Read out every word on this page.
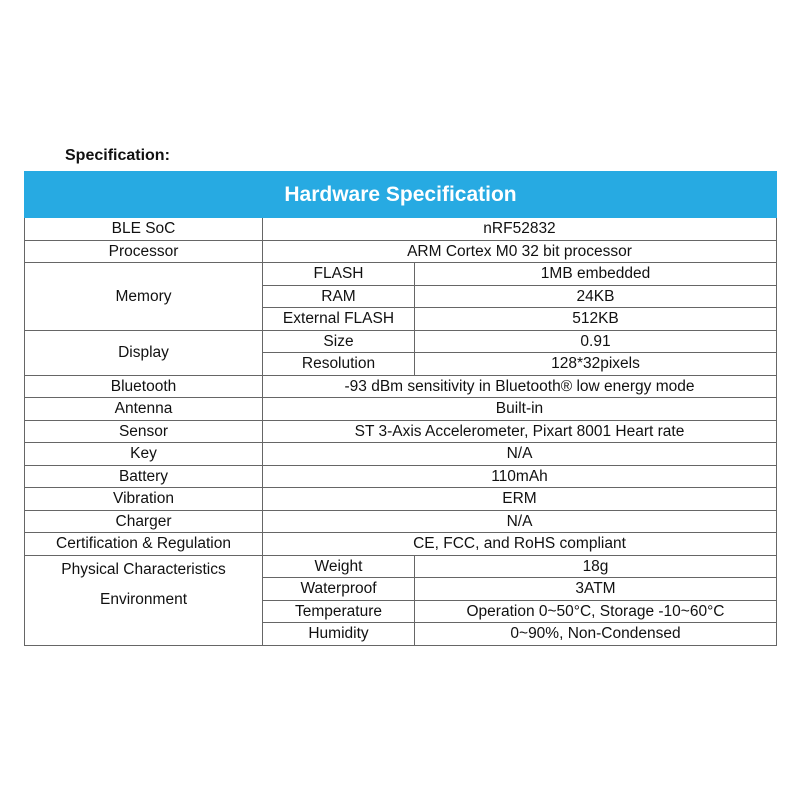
Specification:
Hardware Specification		
BLE SoC	nRF52832	
Processor	ARM Cortex M0 32 bit processor	
Memory	FLASH	1MB embedded
	RAM	24KB
	External FLASH	512KB
Display	Size	0.91
	Resolution	128*32pixels
Bluetooth	-93 dBm sensitivity in Bluetooth® low energy mode	
Antenna	Built-in	
Sensor	ST 3-Axis Accelerometer, Pixart 8001 Heart rate	
Key	N/A	
Battery	110mAh	
Vibration	ERM	
Charger	N/A	
Certification & Regulation	CE, FCC, and RoHS compliant	

Physical Characteristics
Environment	Weight	18g
	Waterproof	3ATM
	Temperature	Operation 0~50°C, Storage -10~60°C
	Humidity	0~90%, Non-Condensed
